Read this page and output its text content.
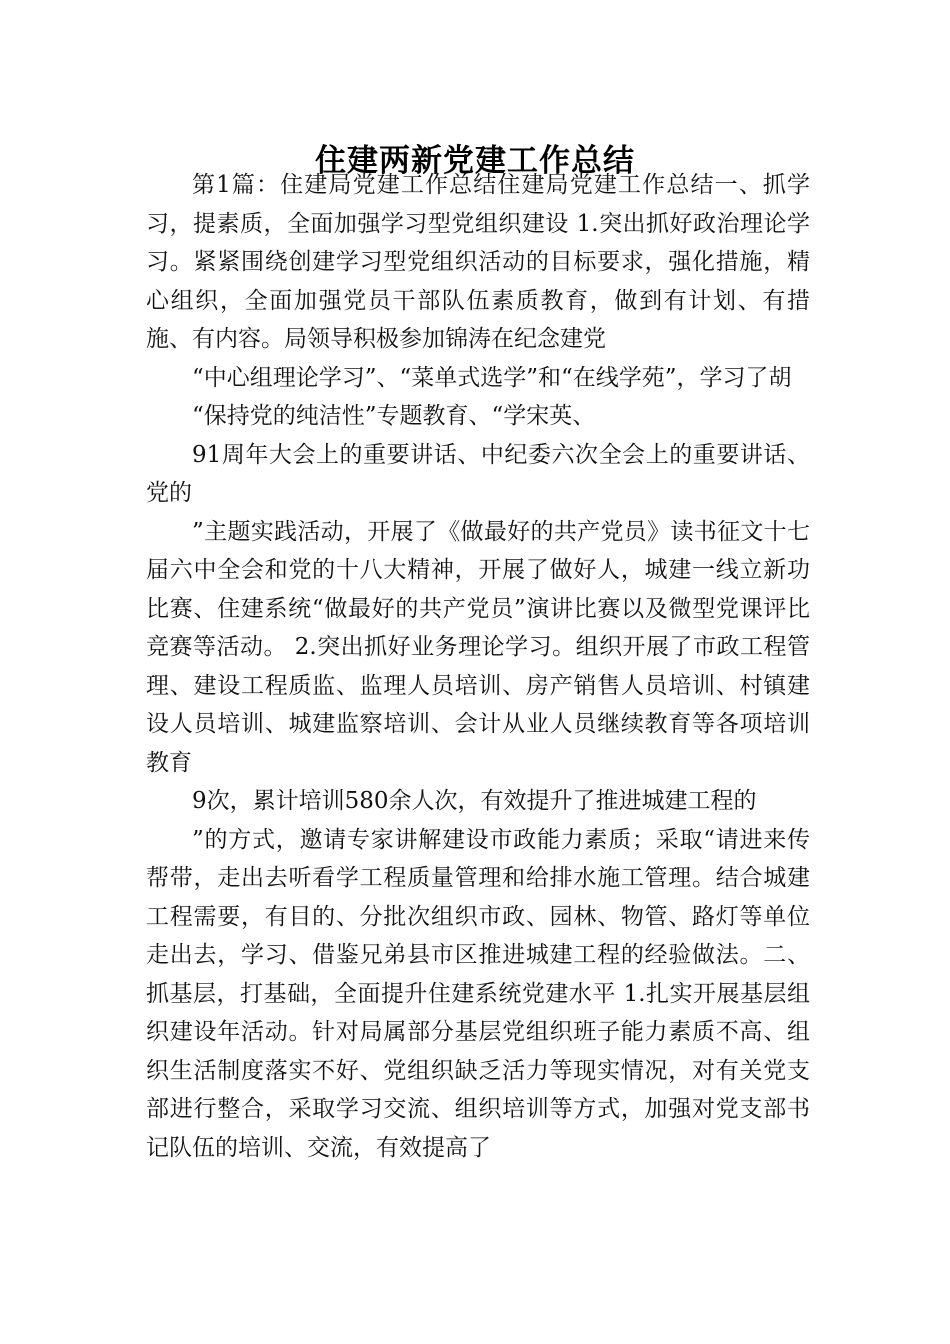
住建两新党建工作总结

第1篇：住建局党建工作总结住建局党建工作总结一、抓学习，提素质，全面加强学习型党组织建设 1.突出抓好政治理论学习。紧紧围绕创建学习型党组织活动的目标要求，强化措施，精心组织，全面加强党员干部队伍素质教育，做到有计划、有措施、有内容。局领导积极参加锦涛在纪念建党

“中心组理论学习”、“菜单式选学”和“在线学苑”，学习了胡

“保持党的纯洁性”专题教育、“学宋英、

91周年大会上的重要讲话、中纪委六次全会上的重要讲话、党的

”主题实践活动，开展了《做最好的共产党员》读书征文十七届六中全会和党的十八大精神，开展了做好人，城建一线立新功比赛、住建系统“做最好的共产党员”演讲比赛以及微型党课评比竞赛等活动。 2.突出抓好业务理论学习。组织开展了市政工程管理、建设工程质监、监理人员培训、房产销售人员培训、村镇建设人员培训、城建监察培训、会计从业人员继续教育等各项培训教育

9次，累计培训580余人次，有效提升了推进城建工程的

”的方式，邀请专家讲解建设市政能力素质；采取“请进来传帮带，走出去听看学工程质量管理和给排水施工管理。结合城建工程需要，有目的、分批次组织市政、园林、物管、路灯等单位走出去，学习、借鉴兄弟县市区推进城建工程的经验做法。二、抓基层，打基础，全面提升住建系统党建水平 1.扎实开展基层组织建设年活动。针对局属部分基层党组织班子能力素质不高、组织生活制度落实不好、党组织缺乏活力等现实情况，对有关党支部进行整合，采取学习交流、组织培训等方式，加强对党支部书记队伍的培训、交流，有效提高了
